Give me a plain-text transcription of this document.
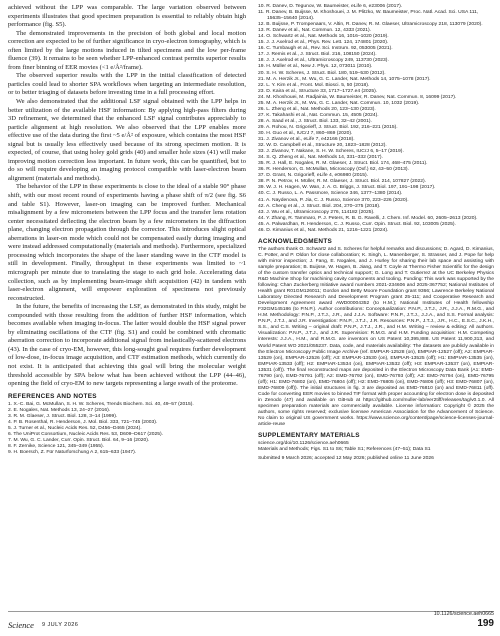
achieved without the LPP was comparable. The large variation observed between experiments illustrates that good specimen preparation is essential to reliably obtain high performance (fig. S5).

The demonstrated improvements in the precision of both global and local motion correction are expected to be of further significance in cryo-electron tomography, which is often limited by the large motions induced in tilted specimens and the low per-frame fluence (39). It remains to be seen whether LPP-enhanced contrast permits superior results from finer binning of EER movies (<1 e/Å²/frame).

The observed superior results with the LPP in the initial classification of detected particles could lead to shorter SPA workflows when targeting an intermediate resolution, or to better triaging of datasets before investing time in a full processing effort.

We also demonstrated that the additional LSF signal obtained with the LPP helps in better utilization of the available HSF information: By applying high-pass filters during 3D refinement, we determined that the enhanced LSF signal contributes appreciably to particle alignment at high resolution. We also observed that the LPP enables more effective use of the data during the first ~5 e/Å² of exposure, which contains the most HSF signal but is usually less effectively used because of its strong specimen motion. It is expected, of course, that using holey gold grids (40) and smaller hole sizes (41) will make improving motion correction less important. In future work, this can be quantified, but to do so will require developing an imaging protocol compatible with laser-electron beam alignment (materials and methods).

The behavior of the LPP in these experiments is close to the ideal of a stable 90° phase shift, with our most recent round of experiments having a phase shift of π/2 (see fig. S6 and table S1). However, laser-on imaging can be improved further. Mechanical misalignment by a few micrometers between the LPP focus and the transfer lens rotation center necessitated deflecting the electron beam by a few micrometers in the diffraction plane, changing electron propagation through the corrector. This introduces slight optical aberrations in laser-on mode which could not be compensated easily during imaging and were instead addressed computationally (materials and methods). Furthermore, specialized processing which incorporates the shape of the laser standing wave in the CTF model is still in development. Finally, throughput in these experiments was limited to ~1 micrograph per minute due to translating the stage to each grid hole. Accelerating data collection, such as by implementing beam-image shift acquisition (42) in tandem with laser-electron alignment, will empower exploration of specimens not previously reconstructed.

In the future, the benefits of increasing the LSF, as demonstrated in this study, might be compounded with those resulting from the addition of further HSF information, which becomes available when imaging in-focus. The latter would double the HSF signal power by eliminating oscillations of the CTF (fig. S1) and could be combined with chromatic aberration correction to incorporate additional signal from inelastically-scattered electrons (43). In the case of cryo-EM, however, this long-sought goal requires further development of low-dose, in-focus image acquisition, and CTF estimation methods, which currently do not exist. It is anticipated that achieving this goal will bring the molecular weight threshold accessible by SPA below what has been achieved without the LPP (44–46), opening the field of cryo-EM to new targets representing a large swath of the proteome.

REFERENCES AND NOTES
1. X.-C. Bai, G. McMullan, S. H. W. Scheres, Trends Biochem. Sci. 40, 49–57 (2015).
2. E. Nogales, Nat. Methods 13, 24–27 (2016).
3. R. M. Glaeser, J. Struct. Biol. 128, 3–14 (1999).
4. P. B. Rosenthal, R. Henderson, J. Mol. Biol. 333, 721–745 (2003).
5. J. Turner et al., Nucleic Acids Res. 52, D456–D465 (2024).
6. The UniProt Consortium, Nucleic Acids Res. 53, D609–D617 (2025).
7. M. Wu, G. C. Lander, Curr. Opin. Struct. Biol. 64, 9–16 (2020).
8. F. Zernike, Science 121, 345–349 (1955).
9. H. Boersch, Z. Für Naturforschung A 2, 615–633 (1947).
10. R. Danev, D. Tegunov, W. Baumeister, eLife 6, e23006 (2017).
11. R. Danev, B. Buijsse, M. Khoshouei, J. M. Plitzko, W. Baumeister, Proc. Natl. Acad. Sci. USA 111, 15635–15640 (2014).
12. B. Buijsse, P. Trompenaars, V. Altin, R. Danev, R. M. Glaeser, Ultramicroscopy 218, 113079 (2020).
13. R. Danev et al., Nat. Commun. 12, 4333 (2021).
14. O. Schwartz et al., Nat. Methods 16, 1016–1020 (2019).
15. J. J. Axelrod et al., Phys. Rev. Lett. 124, 174801 (2020).
16. C. Turnbaugh et al., Rev. Sci. Instrum. 92, 053005 (2021).
17. J. Remis et al., J. Struct. Biol. 216, 108150 (2024).
18. J. J. Axelrod et al., Ultramicroscopy 249, 113730 (2023).
19. H. Müller et al., New J. Phys. 12, 073011 (2010).
20. S. H. W. Scheres, J. Struct. Biol. 180, 519–530 (2012).
21. M. A. Herzik Jr., M. Wu, G. C. Lander, Nat. Methods 14, 1075–1078 (2017).
22. L. Y. Kim et al., Front. Mol. Biosci. 5, 50 (2018).
23. D. Kaira et al., Structure 33, 1717–1727.e4 (2025).
24. M. Khoshouei, M. Radjainia, W. Baumeister, R. Danev, Nat. Commun. 8, 16099 (2017).
25. M. A. Herzik Jr., M. Wu, G. C. Lander, Nat. Commun. 10, 1032 (2019).
26. L. Zheng et al., Nat. Methods 20, 123–130 (2023).
27. K. Takahashi et al., Nat. Commun. 15, 4505 (2024).
28. A. Saad et al., J. Struct. Biol. 133, 32–42 (2001).
29. A. Rohou, N. Grigorieff, J. Struct. Biol. 192, 216–221 (2015).
30. H. Guo et al., IUCrJ 7, 860–869 (2020).
31. J. Zivanov et al., eLife 7, e42166 (2018).
32. W. D. Campbell et al., Structure 20, 1823–1828 (2012).
33. J. Zivanov, T. Nakane, S. H. W. Scheres, IUCrJ 6, 5–17 (2019).
34. S. Q. Zheng et al., Nat. Methods 14, 331–332 (2017).
35. R. J. Hall, E. Nogales, R. M. Glaeser, J. Struct. Biol. 174, 468–475 (2011).
36. R. Henderson, G. McMullan, Microscopy (Oxf.) 62, 43–50 (2013).
37. D. Grant, N. Grigorieff, eLife 4, e06980 (2015).
38. P. N. Petrov, H. Müller, R. M. Glaeser, J. Struct. Biol. 214, 107827 (2022).
39. W. J. H. Hagen, W. Wan, J. A. G. Briggs, J. Struct. Biol. 197, 191–198 (2017).
40. C. J. Russo, L. A. Passmore, Science 346, 1377–1380 (2014).
41. A. Naydenova, P. Jia, C. J. Russo, Science 370, 223–226 (2020).
42. A. Cheng et al., J. Struct. Biol. 204, 270–275 (2018).
43. J. Wu et al., Ultramicroscopy 276, 114182 (2025).
44. Y. Zhang, R. Tammaro, P. J. Peters, R. B. G. Ravelli, J. Chem. Inf. Model. 60, 2605–2613 (2020).
45. A. Palwardhan, R. Henderson, C. J. Russo, Curr. Opin. Struct. Biol. 92, 103005 (2025).
46. D. Kimanius et al., Nat. Methods 21, 1216–1221 (2024).
ACKNOWLEDGMENTS

The authors thank O. Schwartz and S. Scheres for helpful remarks and discussions; D. Agard, D. Kimanius, C. Potter, and P. Oldon for close collaboration; K. Singh, L. Manenberger, S. Strasser, and J. Pope for help with mirror inspection; J. Fang, E. Nogales, and J. Hurley for sharing their lab space and assisting with sample preparation; B. Buijsse, W. Hagen, B. Jiang, and T. Coyle at Thermo Fisher Scientific for the design of the custom transfer optics and technical support; G. Long and T. Gutierrez at the UC Berkeley Physics R&D Machine Shop for machining cavity components and tooling. Funding: This work was supported by the following: Chan Zuckerberg Initiative award numbers 2021-234606 and 2025-367752; National Institutes of Health grant R01GM126011; Gordon and Betty Moore Foundation grant 9366; Lawrence Berkeley National Laboratory Directed Research and Development Program grant 25-111; and Cooperative Research and Development Agreement award AWD00004352 (to H.M.); National Institutes of Health fellowship F32GM145186 (to P.N.P.). Author contributions: Conceptualization: P.N.P., J.T.J., J.R., J.J.A., R.M.G., and H.M. Methodology: P.N.P., J.T.J., J.R., and J.J.A. Software: P.N.P., J.T.J., J.J.A., and S.S. Formal analysis: P.N.P., J.T.J., and J.R. Investigation: P.N.P., J.T.J., J.R. Resources: P.N.P., J.T.J., J.R., H.C., E.S.C., J.K.H., S.S., and C.S. Writing – original draft: P.N.P., J.T.J., J.R., and H.M. Writing – review & editing: All authors. Visualization: P.N.P., J.T.J., and J.R. Supervision: R.M.G. and H.M. Funding acquisition: H.M. Competing interests: J.J.A., H.M., and R.M.G. are inventors on US Patent 10,395,888. US Patent 11,900,313, and World Patent WO 2021/055237. Data, code, and materials availability: The datasets are publicly available in the Electron Microscopy Public Image Archive (ref. EMPIAR-12528 (on), EMPIAR-12527 (off); A2: EMPIAR-13529 (on), EMPIAR-12526 (off); A3: EMPIAR-13530 (on), EMPIAR-13525 (off); H1: EMPIAR-13535 (on), EMPIAR-13533 (off); H2: EMPIAR-13534 (on), EMPIAR-13532 (off); H3: EMPIAR-13537 (on), EMPIAR-13531 (off)). The final reconstructed maps are deposited in the Electron Microscopy Data Bank (A1: EMD-76790 (on), EMD-76791 (off); A2: EMD-76792 (on), EMD-76793 (off); A3: EMD-76794 (on), EMD-76795 (off); H1: EMD-76802 (on), EMD-76804 (off); H2: EMD-76805 (on), EMD-76806 (off); H3: EMD-76807 (on), EMD-76809 (off)). The initial structures in fig. 3 are deposited as EMD-76810 (on) and EMD-76811 (off). Code for converting EER movies to binned TIF format with proper accounting for electron dose is deposited in Zenodo (47) and available on GitHub at https://github.com/muller-lab/eer2tiff/releases/tag/v0.1.0. All specimen preparation materials are commercially available. License information: Copyright © 2025 the authors, some rights reserved; exclusive licensee American Association for the Advancement of Science. No claim to original US government works. https://www.science.org/content/page/science-licenses-journal-article-reuse

SUPPLEMENTARY MATERIALS

science.org/doi/10.1126/science.aeh0665

Materials and Methods; Figs. S1 to S6; Table S1; References (47–51); Data S1

Submitted 9 March 2026; accepted 12 May 2026; published online 11 June 2026

Science 9 JULY 2026
10.1126/science.aeh0665
199
